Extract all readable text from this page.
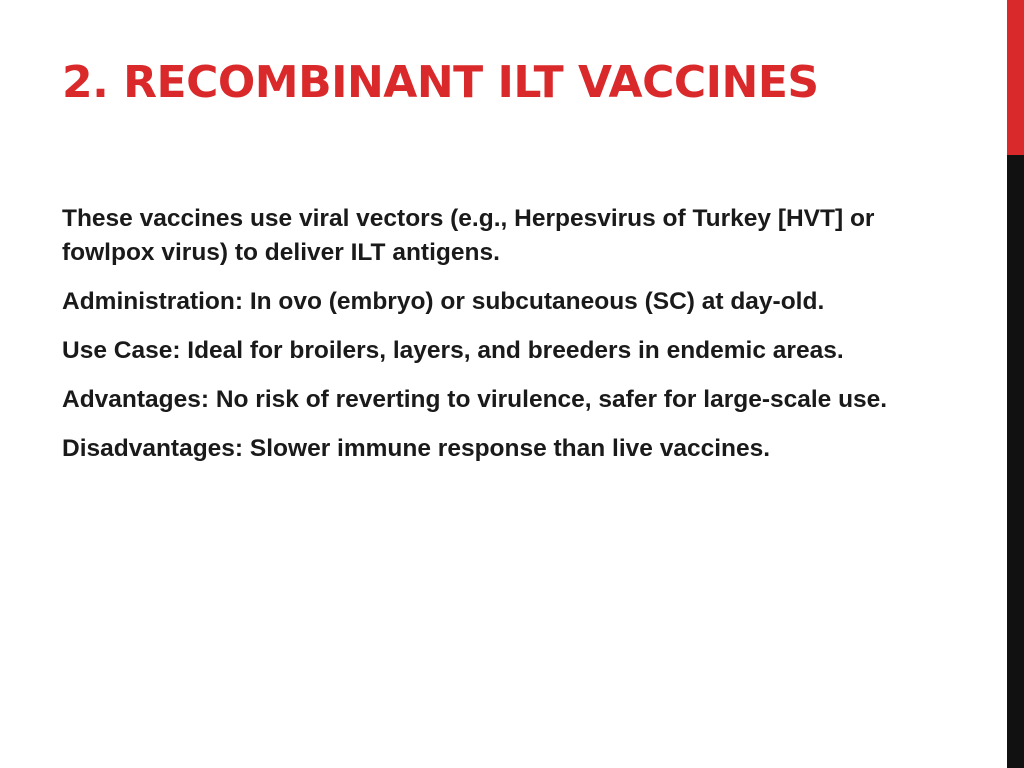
2. RECOMBINANT ILT VACCINES

These vaccines use viral vectors (e.g., Herpesvirus of Turkey [HVT] or fowlpox virus) to deliver ILT antigens.

Administration: In ovo (embryo) or subcutaneous (SC) at day-old.

Use Case: Ideal for broilers, layers, and breeders in endemic areas.

Advantages: No risk of reverting to virulence, safer for large-scale use.

Disadvantages: Slower immune response than live vaccines.
